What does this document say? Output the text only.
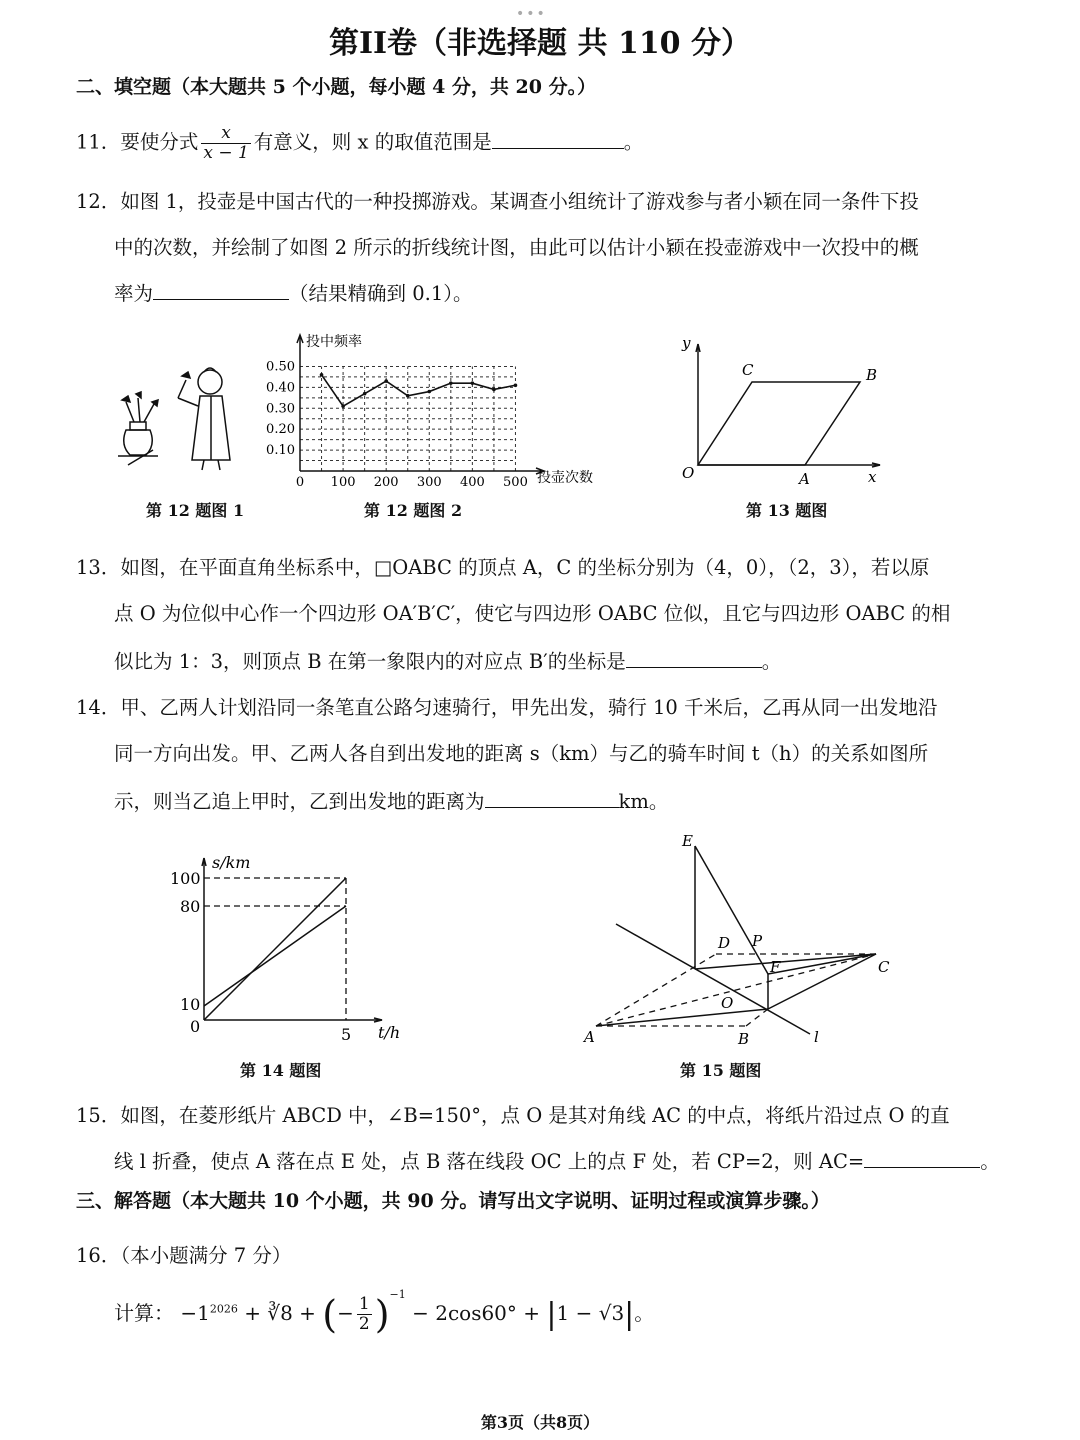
•••
第II卷（非选择题 共 110 分）
二、填空题（本大题共 5 个小题，每小题 4 分，共 20 分。）
11．要使分式 $\frac{x}{x - 1}$ 有意义，则 x 的取值范围是	。
12．如图 1，投壶是中国古代的一种投掷游戏。某调查小组统计了游戏参与者小颖在同一条件下投
中的次数，并绘制了如图 2 所示的折线统计图，由此可以估计小颖在投壶游戏中一次投中的概
率为	（结果精确到 0.1）。
第 12 题图 1
0 100 200 300 400 500
0.10
0.20
0.30
0.40
0.50
投中频率
投壶次数
第 12 题图 2
y
x
O	A
B
C
第 13 题图
13．如图，在平面直角坐标系中，□OABC 的顶点 A，C 的坐标分别为（4，0），（2，3），若以原
点 O 为位似中心作一个四边形 OA′B′C′，使它与四边形 OABC 位似，且它与四边形 OABC 的相
似比为 1：3，则顶点 B 在第一象限内的对应点 B′的坐标是	。
14．甲、乙两人计划沿同一条笔直公路匀速骑行，甲先出发，骑行 10 千米后，乙再从同一出发地沿
同一方向出发。甲、乙两人各自到出发地的距离 s（km）与乙的骑车时间 t（h）的关系如图所
示，则当乙追上甲时，乙到出发地的距离为	km。
s/km
t/h
100
80
10
0	5
第 14 题图
E
D P
F	C
O
A	B	l
第 15 题图
15．如图，在菱形纸片 ABCD 中，∠B=150°，点 O 是其对角线 AC 的中点，将纸片沿过点 O 的直
线 l 折叠，使点 A 落在点 E 处，点 B 落在线段 OC 上的点 F 处，若 CP=2，则 AC=	。
三、解答题（本大题共 10 个小题，共 90 分。请写出文字说明、证明过程或演算步骤。）
16．（本小题满分 7 分）
计算： $-1^{2026}$ + ∛8 + (− $\frac{1}{2} )^{-1} - 2\cos 60^\circ + |1 - √3|$。
第3页（共8页）
